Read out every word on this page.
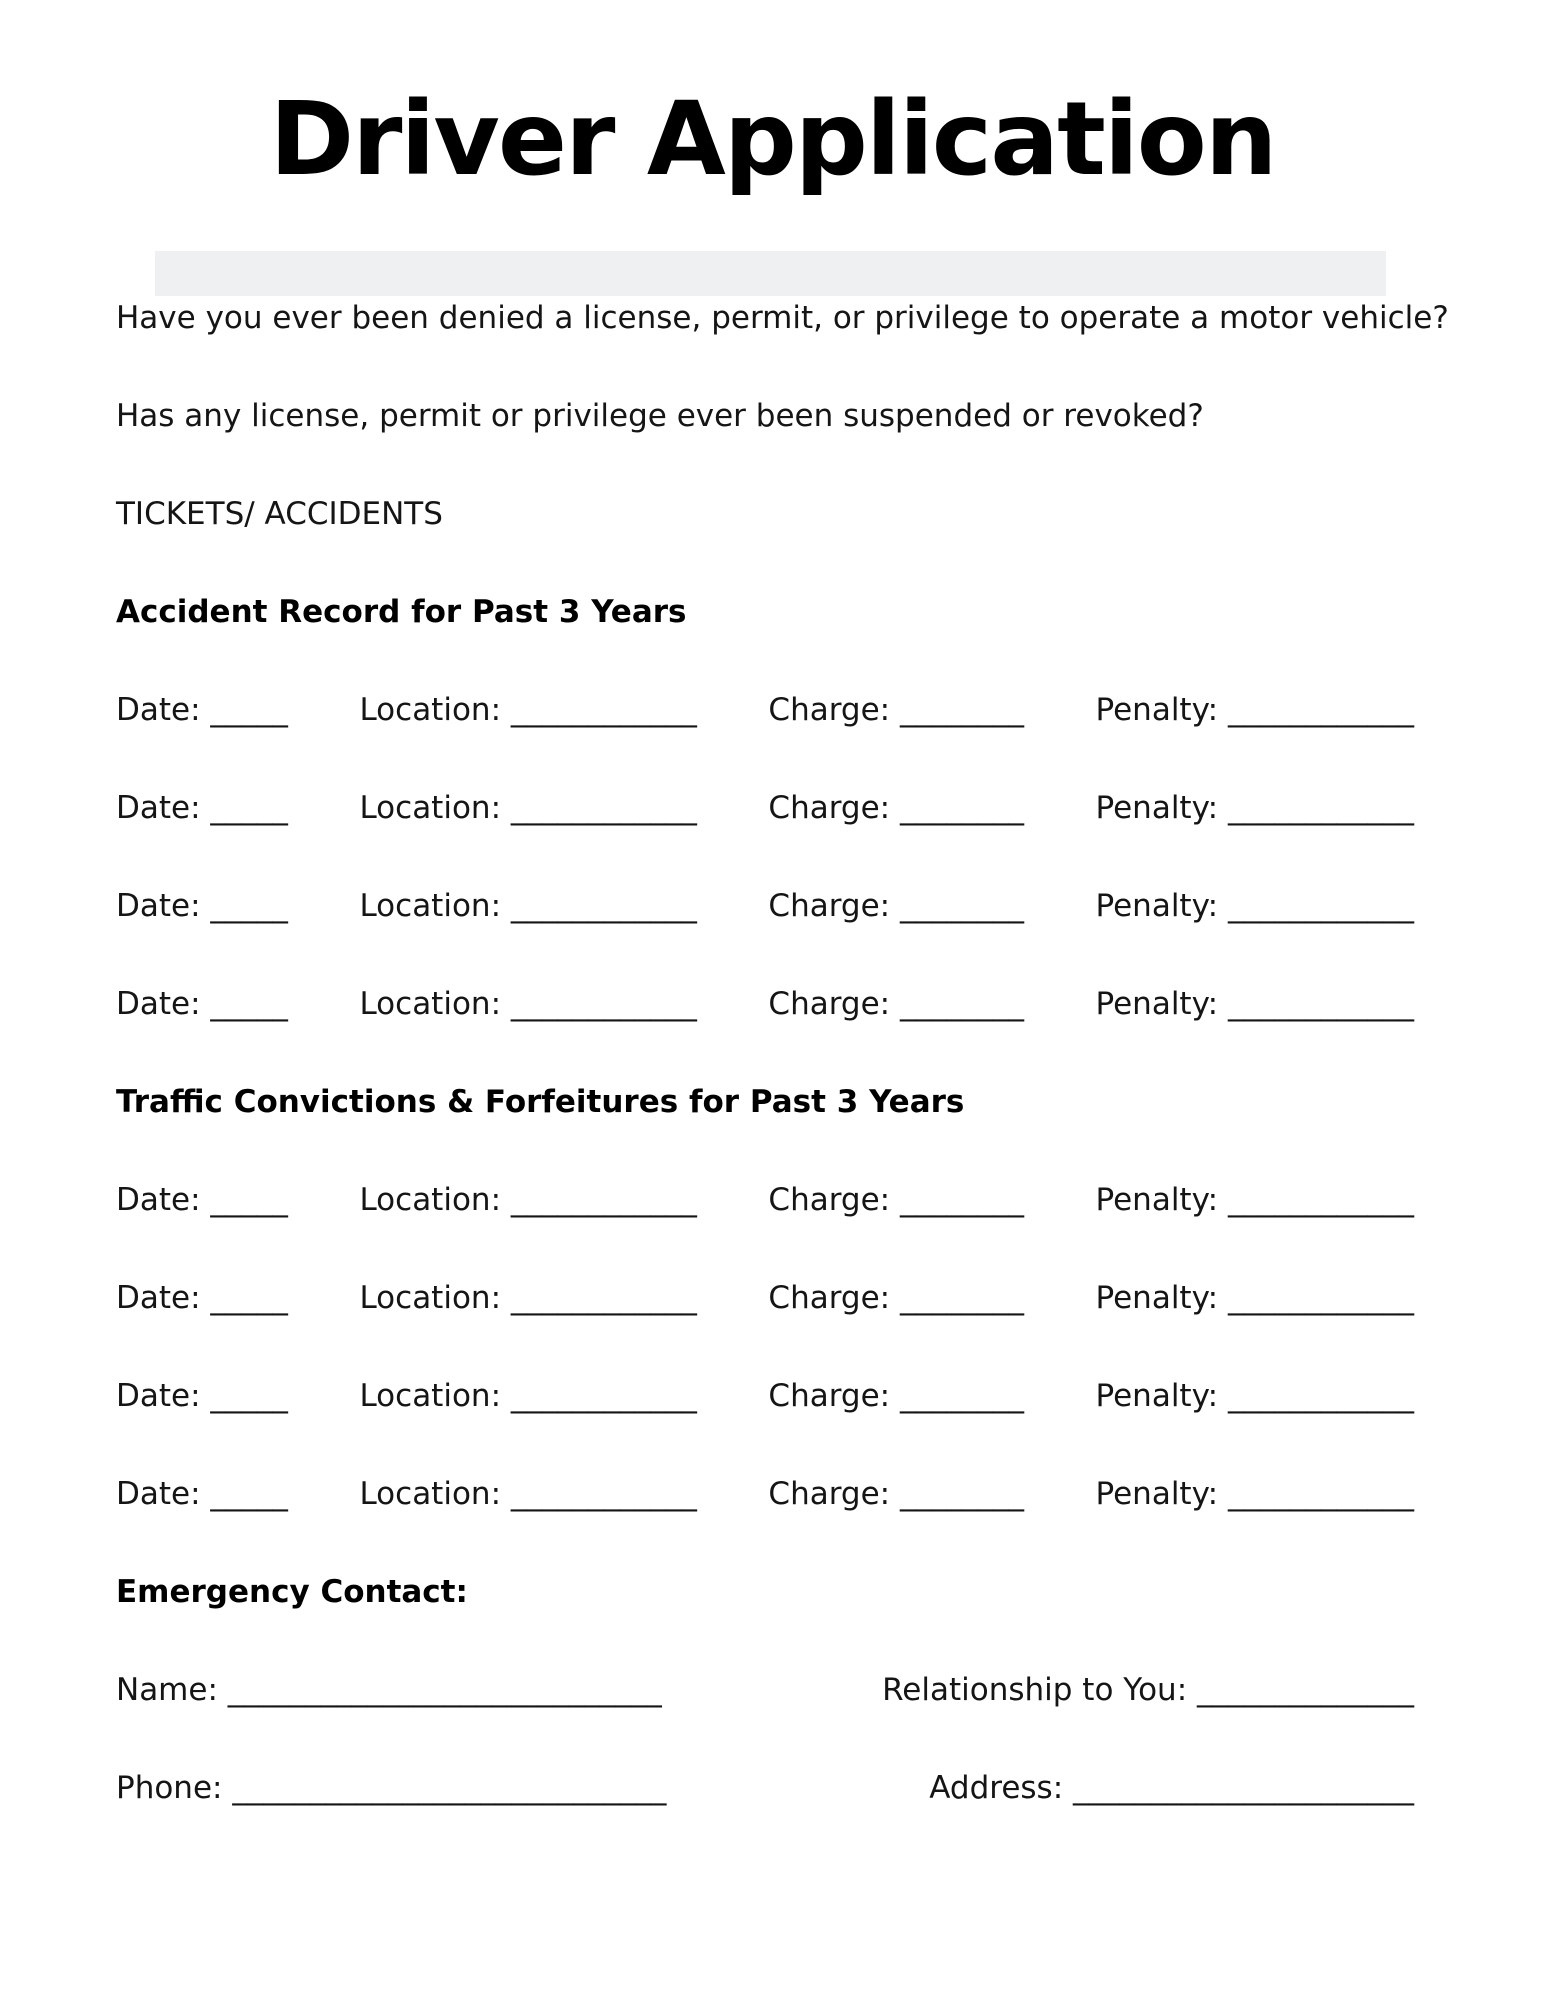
Driver Application
Have you ever been denied a license, permit, or privilege to operate a motor vehicle?
Has any license, permit or privilege ever been suspended or revoked?
TICKETS/ ACCIDENTS
Accident Record for Past 3 Years
Date: _____ Location: ____________ Charge: ________ Penalty: ____________
Date: _____ Location: ____________ Charge: ________ Penalty: ____________
Date: _____ Location: ____________ Charge: ________ Penalty: ____________
Date: _____ Location: ____________ Charge: ________ Penalty: ____________
Traffic Convictions & Forfeitures for Past 3 Years
Date: _____ Location: ____________ Charge: ________ Penalty: ____________
Date: _____ Location: ____________ Charge: ________ Penalty: ____________
Date: _____ Location: ____________ Charge: ________ Penalty: ____________
Date: _____ Location: ____________ Charge: ________ Penalty: ____________
Emergency Contact:
Name: ____________________________	Relationship to You: ______________
Phone: ____________________________	Address: ______________________
